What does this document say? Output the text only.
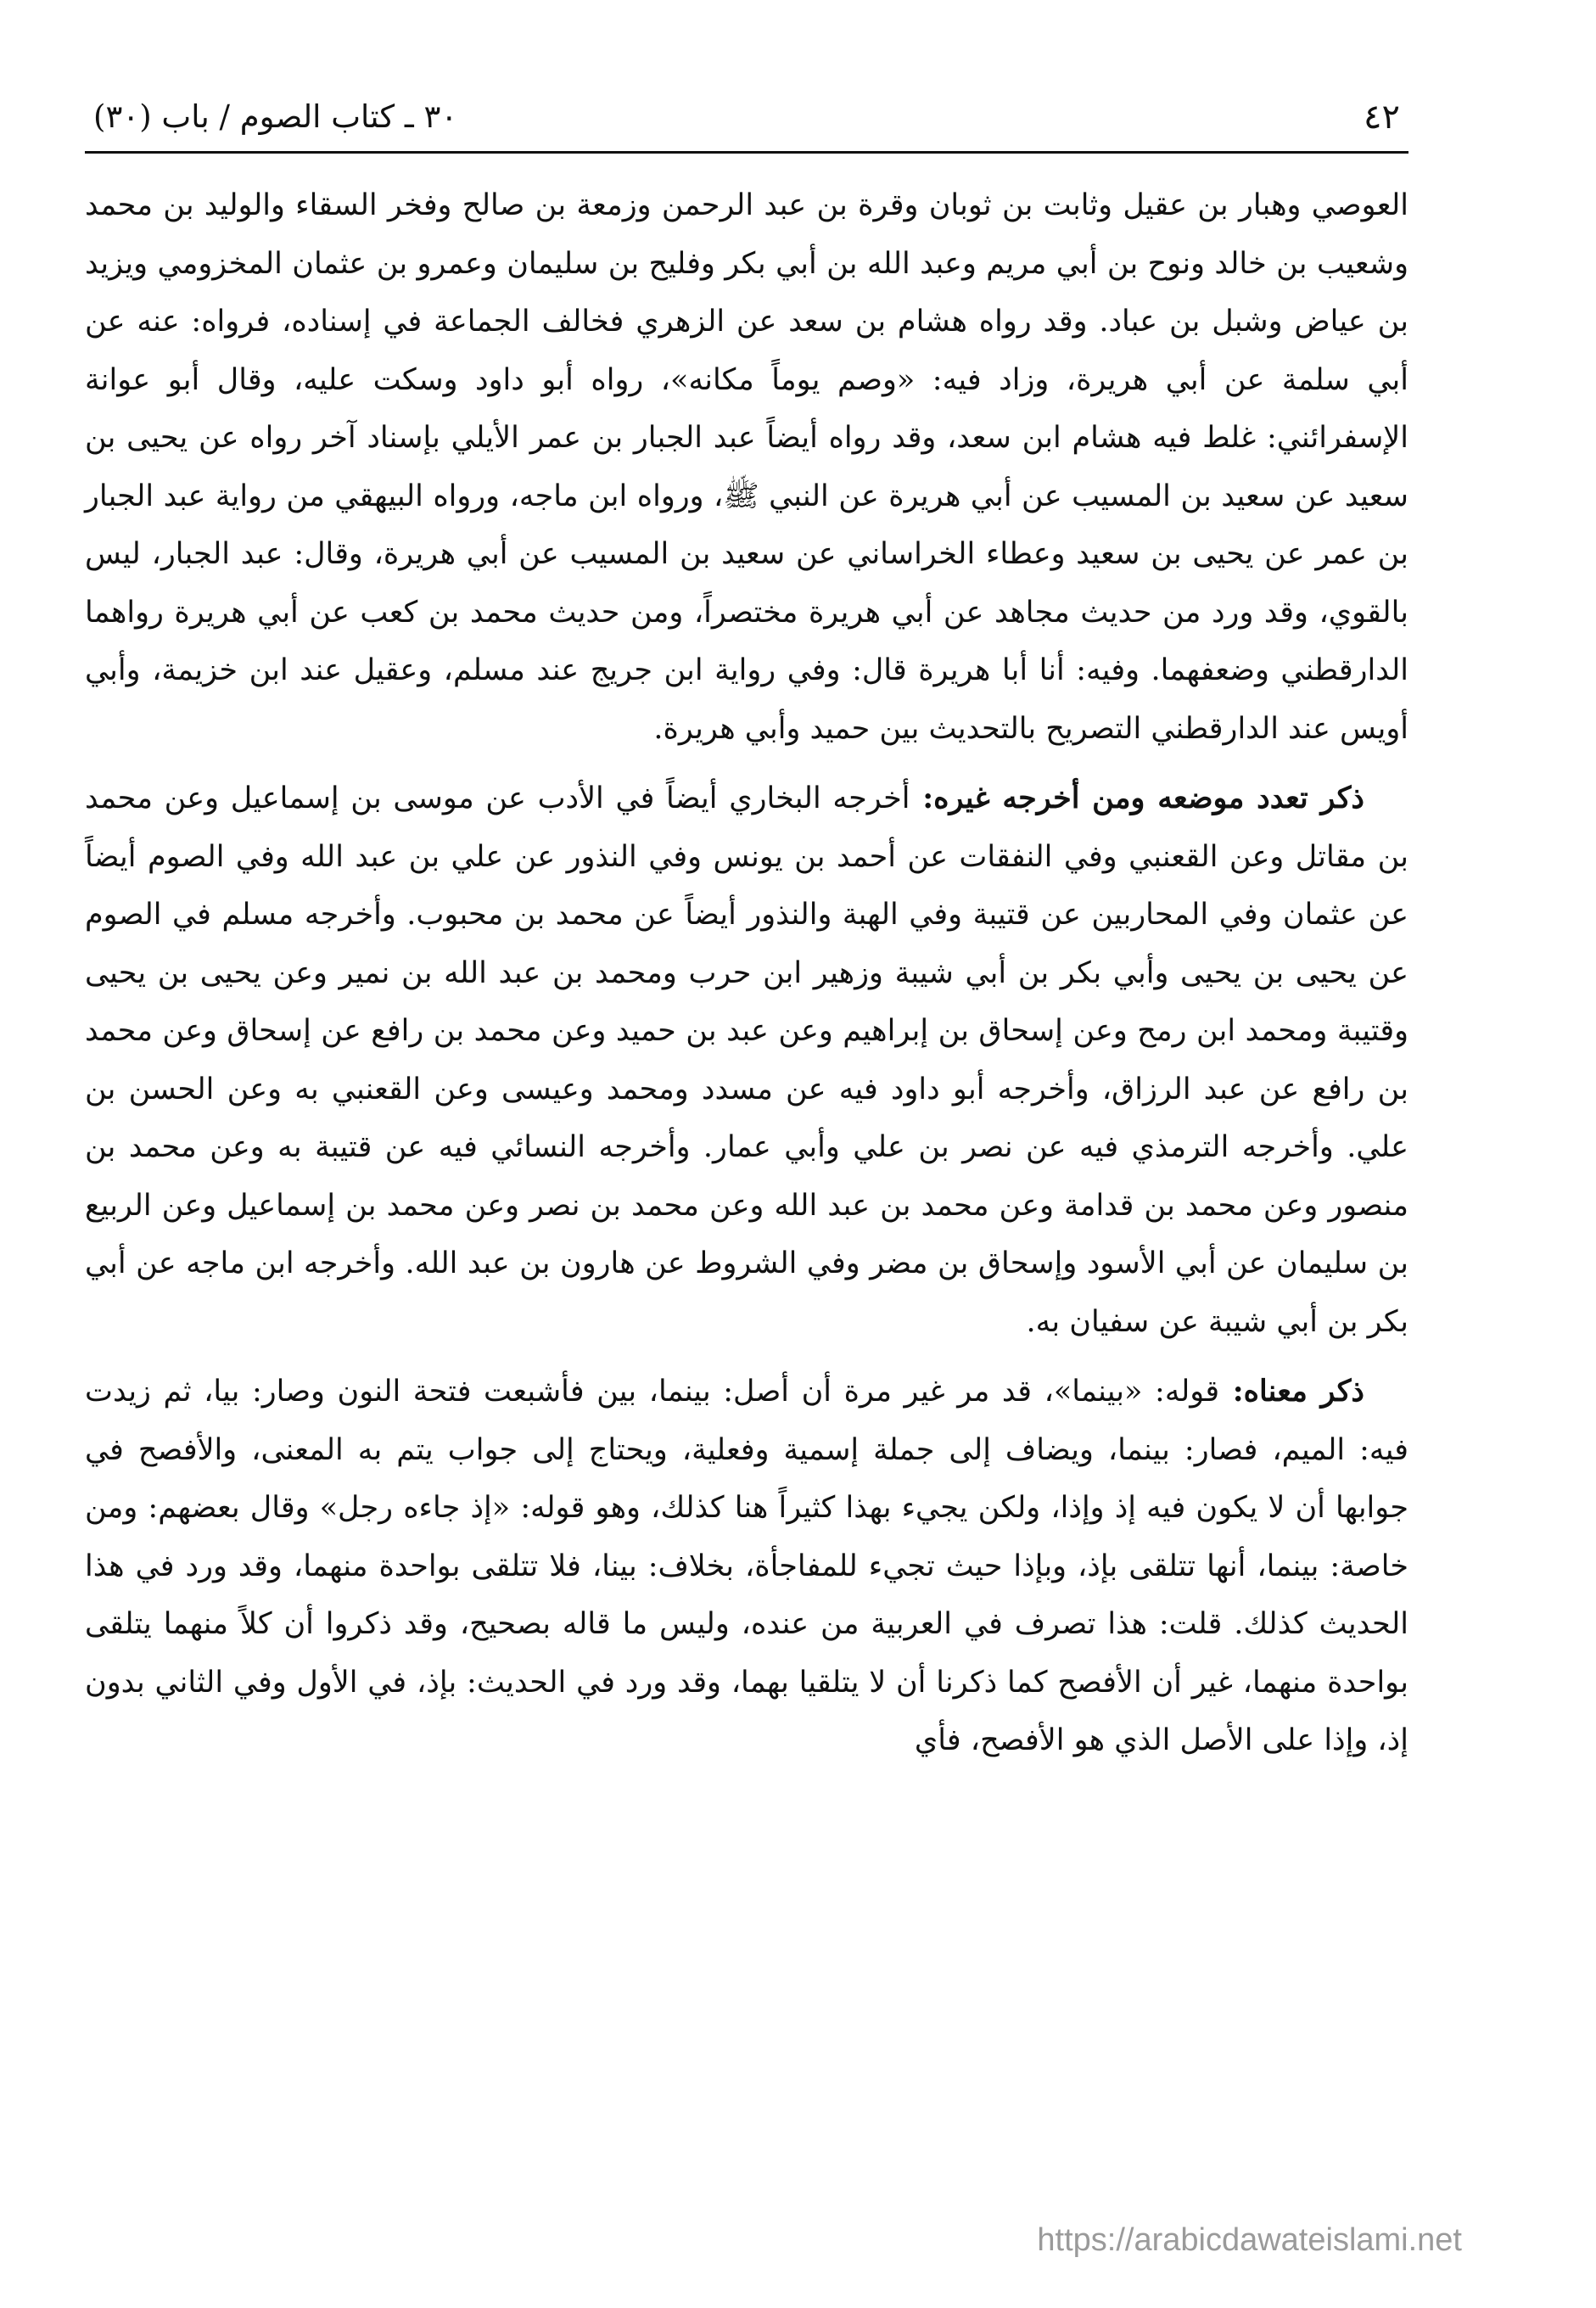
٤٢
٣٠ ـ كتاب الصوم / باب (٣٠)

العوصي وهبار بن عقيل وثابت بن ثوبان وقرة بن عبد الرحمن وزمعة بن صالح وفخر السقاء والوليد بن محمد وشعيب بن خالد ونوح بن أبي مريم وعبد الله بن أبي بكر وفليح بن سليمان وعمرو بن عثمان المخزومي ويزيد بن عياض وشبل بن عباد. وقد رواه هشام بن سعد عن الزهري فخالف الجماعة في إسناده، فرواه: عنه عن أبي سلمة عن أبي هريرة، وزاد فيه: «وصم يوماً مكانه»، رواه أبو داود وسكت عليه، وقال أبو عوانة الإسفرائني: غلط فيه هشام ابن سعد، وقد رواه أيضاً عبد الجبار بن عمر الأيلي بإسناد آخر رواه عن يحيى بن سعيد عن سعيد بن المسيب عن أبي هريرة عن النبي ﷺ، ورواه ابن ماجه، ورواه البيهقي من رواية عبد الجبار بن عمر عن يحيى بن سعيد وعطاء الخراساني عن سعيد بن المسيب عن أبي هريرة، وقال: عبد الجبار، ليس بالقوي، وقد ورد من حديث مجاهد عن أبي هريرة مختصراً، ومن حديث محمد بن كعب عن أبي هريرة رواهما الدارقطني وضعفهما. وفيه: أنا أبا هريرة قال: وفي رواية ابن جريج عند مسلم، وعقيل عند ابن خزيمة، وأبي أويس عند الدارقطني التصريح بالتحديث بين حميد وأبي هريرة.

ذكر تعدد موضعه ومن أخرجه غيره: أخرجه البخاري أيضاً في الأدب عن موسى بن إسماعيل وعن محمد بن مقاتل وعن القعنبي وفي النفقات عن أحمد بن يونس وفي النذور عن علي بن عبد الله وفي الصوم أيضاً عن عثمان وفي المحاربين عن قتيبة وفي الهبة والنذور أيضاً عن محمد بن محبوب. وأخرجه مسلم في الصوم عن يحيى بن يحيى وأبي بكر بن أبي شيبة وزهير ابن حرب ومحمد بن عبد الله بن نمير وعن يحيى بن يحيى وقتيبة ومحمد ابن رمح وعن إسحاق بن إبراهيم وعن عبد بن حميد وعن محمد بن رافع عن إسحاق وعن محمد بن رافع عن عبد الرزاق، وأخرجه أبو داود فيه عن مسدد ومحمد وعيسى وعن القعنبي به وعن الحسن بن علي. وأخرجه الترمذي فيه عن نصر بن علي وأبي عمار. وأخرجه النسائي فيه عن قتيبة به وعن محمد بن منصور وعن محمد بن قدامة وعن محمد بن عبد الله وعن محمد بن نصر وعن محمد بن إسماعيل وعن الربيع بن سليمان عن أبي الأسود وإسحاق بن مضر وفي الشروط عن هارون بن عبد الله. وأخرجه ابن ماجه عن أبي بكر بن أبي شيبة عن سفيان به.

ذكر معناه: قوله: «بينما»، قد مر غير مرة أن أصل: بينما، بين فأشبعت فتحة النون وصار: بيا، ثم زيدت فيه: الميم، فصار: بينما، ويضاف إلى جملة إسمية وفعلية، ويحتاج إلى جواب يتم به المعنى، والأفصح في جوابها أن لا يكون فيه إذ وإذا، ولكن يجيء بهذا كثيراً هنا كذلك، وهو قوله: «إذ جاءه رجل» وقال بعضهم: ومن خاصة: بينما، أنها تتلقى بإذ، وبإذا حيث تجيء للمفاجأة، بخلاف: بينا، فلا تتلقى بواحدة منهما، وقد ورد في هذا الحديث كذلك. قلت: هذا تصرف في العربية من عنده، وليس ما قاله بصحيح، وقد ذكروا أن كلاً منهما يتلقى بواحدة منهما، غير أن الأفصح كما ذكرنا أن لا يتلقيا بهما، وقد ورد في الحديث: بإذ، في الأول وفي الثاني بدون إذ، وإذا على الأصل الذي هو الأفصح، فأي

https://arabicdawateislami.net
